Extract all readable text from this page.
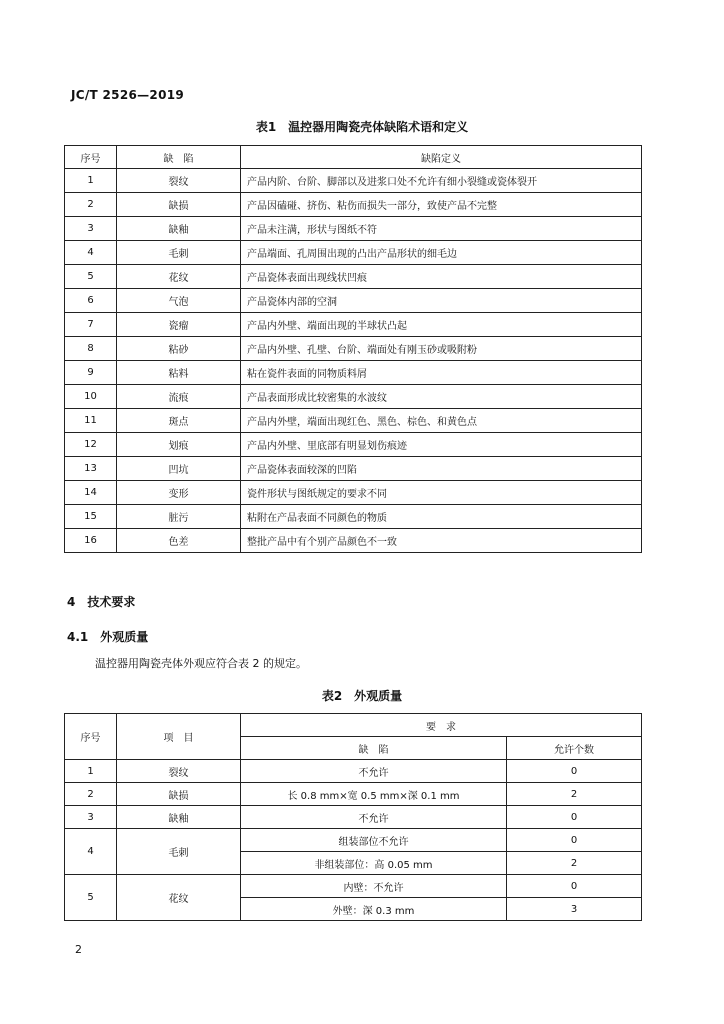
JC/T 2526—2019
表1　温控器用陶瓷壳体缺陷术语和定义
序号	缺　陷	缺陷定义
1	裂纹	产品内阶、台阶、脚部以及进浆口处不允许有细小裂缝或瓷体裂开
2	缺损	产品因磕碰、挤伤、粘伤而损失一部分，致使产品不完整
3	缺釉	产品未注满，形状与图纸不符
4	毛刺	产品端面、孔周围出现的凸出产品形状的细毛边
5	花纹	产品瓷体表面出现线状凹痕
6	气泡	产品瓷体内部的空洞
7	瓷瘤	产品内外壁、端面出现的半球状凸起
8	粘砂	产品内外壁、孔壁、台阶、端面处有刚玉砂或吸附粉
9	粘料	粘在瓷件表面的同物质料屑
10	流痕	产品表面形成比较密集的水波纹
11	斑点	产品内外壁，端面出现红色、黑色、棕色、和黄色点
12	划痕	产品内外壁、里底部有明显划伤痕迹
13	凹坑	产品瓷体表面较深的凹陷
14	变形	瓷件形状与图纸规定的要求不同
15	脏污	粘附在产品表面不同颜色的物质
16	色差	整批产品中有个别产品颜色不一致
4　技术要求
4.1　外观质量
温控器用陶瓷壳体外观应符合表 2 的规定。
表2　外观质量
序号	项　目	要　求	
		缺　陷	允许个数
1	裂纹	不允许	0
2	缺损	长 0.8 mm×宽 0.5 mm×深 0.1 mm	2
3	缺釉	不允许	0
4	毛刺	组装部位不允许	0
		非组装部位：高 0.05 mm	2
5	花纹	内壁：不允许	0
		外壁：深 0.3 mm	3
2
